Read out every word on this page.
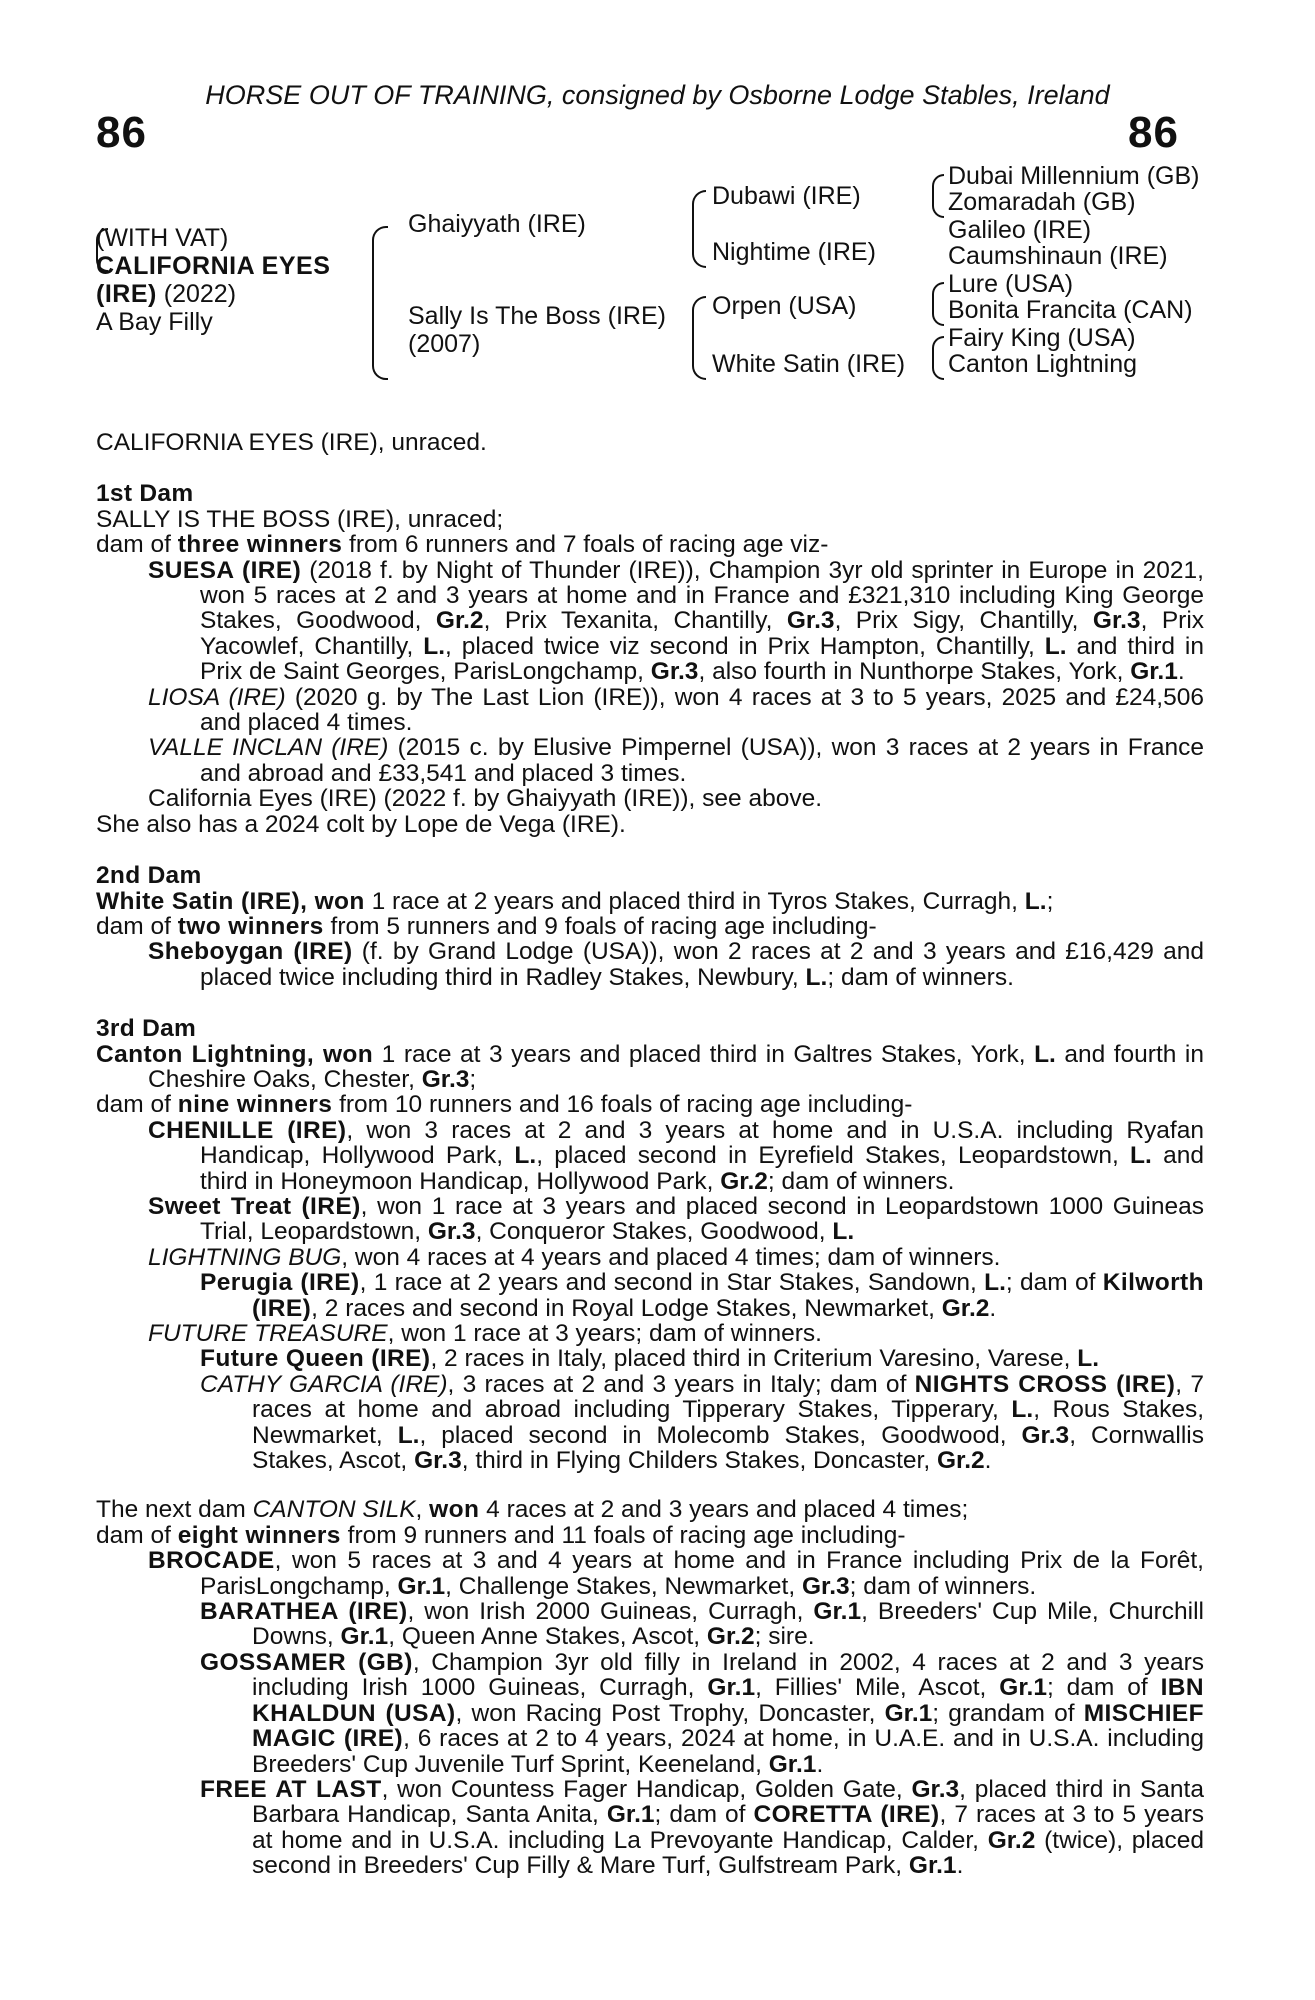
HORSE OUT OF TRAINING, consigned by Osborne Lodge Stables, Ireland
86	86
(WITH VAT)
CALIFORNIA EYES
(IRE) (2022)
A Bay Filly
Ghaiyyath (IRE)
Sally Is The Boss (IRE)
(2007)
Dubawi (IRE)
Nightime (IRE)
Orpen (USA)
White Satin (IRE)
Dubai Millennium (GB)
Zomaradah (GB)
Galileo (IRE)
Caumshinaun (IRE)
Lure (USA)
Bonita Francita (CAN)
Fairy King (USA)
Canton Lightning

CALIFORNIA EYES (IRE), unraced.

1st Dam

SALLY IS THE BOSS (IRE), unraced;

dam of three winners from 6 runners and 7 foals of racing age viz-

SUESA (IRE) (2018 f. by Night of Thunder (IRE)), Champion 3yr old sprinter in Europe in 2021, won 5 races at 2 and 3 years at home and in France and £321,310 including King George Stakes, Goodwood, Gr.2, Prix Texanita, Chantilly, Gr.3, Prix Sigy, Chantilly, Gr.3, Prix Yacowlef, Chantilly, L., placed twice viz second in Prix Hampton, Chantilly, L. and third in Prix de Saint Georges, ParisLongchamp, Gr.3, also fourth in Nunthorpe Stakes, York, Gr.1.

LIOSA (IRE) (2020 g. by The Last Lion (IRE)), won 4 races at 3 to 5 years, 2025 and £24,506 and placed 4 times.

VALLE INCLAN (IRE) (2015 c. by Elusive Pimpernel (USA)), won 3 races at 2 years in France and abroad and £33,541 and placed 3 times.

California Eyes (IRE) (2022 f. by Ghaiyyath (IRE)), see above.

She also has a 2024 colt by Lope de Vega (IRE).

2nd Dam

White Satin (IRE), won 1 race at 2 years and placed third in Tyros Stakes, Curragh, L.;

dam of two winners from 5 runners and 9 foals of racing age including-

Sheboygan (IRE) (f. by Grand Lodge (USA)), won 2 races at 2 and 3 years and £16,429 and placed twice including third in Radley Stakes, Newbury, L.; dam of winners.

3rd Dam

Canton Lightning, won 1 race at 3 years and placed third in Galtres Stakes, York, L. and fourth in Cheshire Oaks, Chester, Gr.3;

dam of nine winners from 10 runners and 16 foals of racing age including-

CHENILLE (IRE), won 3 races at 2 and 3 years at home and in U.S.A. including Ryafan Handicap, Hollywood Park, L., placed second in Eyrefield Stakes, Leopardstown, L. and third in Honeymoon Handicap, Hollywood Park, Gr.2; dam of winners.

Sweet Treat (IRE), won 1 race at 3 years and placed second in Leopardstown 1000 Guineas Trial, Leopardstown, Gr.3, Conqueror Stakes, Goodwood, L.

LIGHTNING BUG, won 4 races at 4 years and placed 4 times; dam of winners.

Perugia (IRE), 1 race at 2 years and second in Star Stakes, Sandown, L.; dam of Kilworth (IRE), 2 races and second in Royal Lodge Stakes, Newmarket, Gr.2.

FUTURE TREASURE, won 1 race at 3 years; dam of winners.

Future Queen (IRE), 2 races in Italy, placed third in Criterium Varesino, Varese, L.

CATHY GARCIA (IRE), 3 races at 2 and 3 years in Italy; dam of NIGHTS CROSS (IRE), 7 races at home and abroad including Tipperary Stakes, Tipperary, L., Rous Stakes, Newmarket, L., placed second in Molecomb Stakes, Goodwood, Gr.3, Cornwallis Stakes, Ascot, Gr.3, third in Flying Childers Stakes, Doncaster, Gr.2.

The next dam CANTON SILK, won 4 races at 2 and 3 years and placed 4 times;

dam of eight winners from 9 runners and 11 foals of racing age including-

BROCADE, won 5 races at 3 and 4 years at home and in France including Prix de la Forêt, ParisLongchamp, Gr.1, Challenge Stakes, Newmarket, Gr.3; dam of winners.

BARATHEA (IRE), won Irish 2000 Guineas, Curragh, Gr.1, Breeders' Cup Mile, Churchill Downs, Gr.1, Queen Anne Stakes, Ascot, Gr.2; sire.

GOSSAMER (GB), Champion 3yr old filly in Ireland in 2002, 4 races at 2 and 3 years including Irish 1000 Guineas, Curragh, Gr.1, Fillies' Mile, Ascot, Gr.1; dam of IBN KHALDUN (USA), won Racing Post Trophy, Doncaster, Gr.1; grandam of MISCHIEF MAGIC (IRE), 6 races at 2 to 4 years, 2024 at home, in U.A.E. and in U.S.A. including Breeders' Cup Juvenile Turf Sprint, Keeneland, Gr.1.

FREE AT LAST, won Countess Fager Handicap, Golden Gate, Gr.3, placed third in Santa Barbara Handicap, Santa Anita, Gr.1; dam of CORETTA (IRE), 7 races at 3 to 5 years at home and in U.S.A. including La Prevoyante Handicap, Calder, Gr.2 (twice), placed second in Breeders' Cup Filly & Mare Turf, Gulfstream Park, Gr.1.
